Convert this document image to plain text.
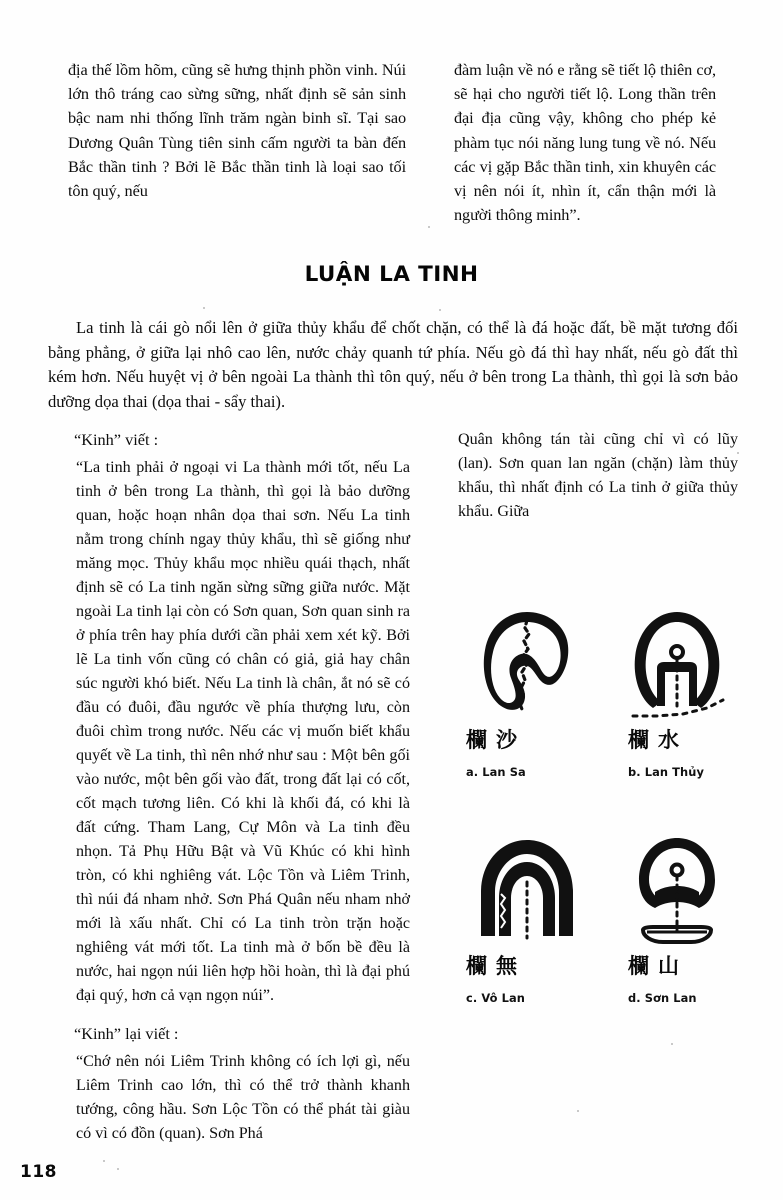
địa thế lồm hõm, cũng sẽ hưng thịnh phồn vinh. Núi lớn thô tráng cao sừng sững, nhất định sẽ sản sinh bậc nam nhi thống lĩnh trăm ngàn binh sĩ. Tại sao Dương Quân Tùng tiên sinh cấm người ta bàn đến Bắc thần tinh ? Bởi lẽ Bắc thần tinh là loại sao tối tôn quý, nếu

đàm luận về nó e rằng sẽ tiết lộ thiên cơ, sẽ hại cho người tiết lộ. Long thần trên đại địa cũng vậy, không cho phép kẻ phàm tục nói năng lung tung về nó. Nếu các vị gặp Bắc thần tinh, xin khuyên các vị nên nói ít, nhìn ít, cẩn thận mới là người thông minh”.

LUẬN LA TINH

La tinh là cái gò nổi lên ở giữa thủy khẩu để chốt chặn, có thể là đá hoặc đất, bề mặt tương đối bằng phẳng, ở giữa lại nhô cao lên, nước chảy quanh tứ phía. Nếu gò đá thì hay nhất, nếu gò đất thì kém hơn. Nếu huyệt vị ở bên ngoài La thành thì tôn quý, nếu ở bên trong La thành, thì gọi là sơn bảo dưỡng dọa thai (dọa thai - sẩy thai).

“Kinh” viết :

“La tinh phải ở ngoại vi La thành mới tốt, nếu La tinh ở bên trong La thành, thì gọi là bảo dưỡng quan, hoặc hoạn nhân dọa thai sơn. Nếu La tinh nằm trong chính ngay thủy khẩu, thì sẽ giống như măng mọc. Thủy khẩu mọc nhiều quái thạch, nhất định sẽ có La tinh ngăn sừng sững giữa nước. Mặt ngoài La tinh lại còn có Sơn quan, Sơn quan sinh ra ở phía trên hay phía dưới cần phải xem xét kỹ. Bởi lẽ La tinh vốn cũng có chân có giả, giả hay chân súc người khó biết. Nếu La tinh là chân, ắt nó sẽ có đầu có đuôi, đầu ngước về phía thượng lưu, còn đuôi chìm trong nước. Nếu các vị muốn biết khẩu quyết về La tinh, thì nên nhớ như sau : Một bên gối vào nước, một bên gối vào đất, trong đất lại có cốt, cốt mạch tương liên. Có khi là khối đá, có khi là đất cứng. Tham Lang, Cự Môn và La tinh đều nhọn. Tả Phụ Hữu Bật và Vũ Khúc có khi hình tròn, có khi nghiêng vát. Lộc Tồn và Liêm Trinh, thì núi đá nham nhở. Sơn Phá Quân nếu nham nhở mới là xấu nhất. Chỉ có La tinh tròn trặn hoặc nghiêng vát mới tốt. La tinh mà ở bốn bề đều là nước, hai ngọn núi liên hợp hồi hoàn, thì là đại phú đại quý, hơn cả vạn ngọn núi”.

“Kinh” lại viết :

“Chớ nên nói Liêm Trinh không có ích lợi gì, nếu Liêm Trinh cao lớn, thì có thể trở thành khanh tướng, công hầu. Sơn Lộc Tồn có thể phát tài giàu có vì có đồn (quan). Sơn Phá

Quân không tán tài cũng chỉ vì có lũy (lan). Sơn quan lan ngăn (chặn) làm thủy khẩu, thì nhất định có La tinh ở giữa thủy khẩu. Giữa

欄沙
a. Lan Sa
欄水
b. Lan Thủy
欄無
c. Vô Lan
欄山
d. Sơn Lan
118
